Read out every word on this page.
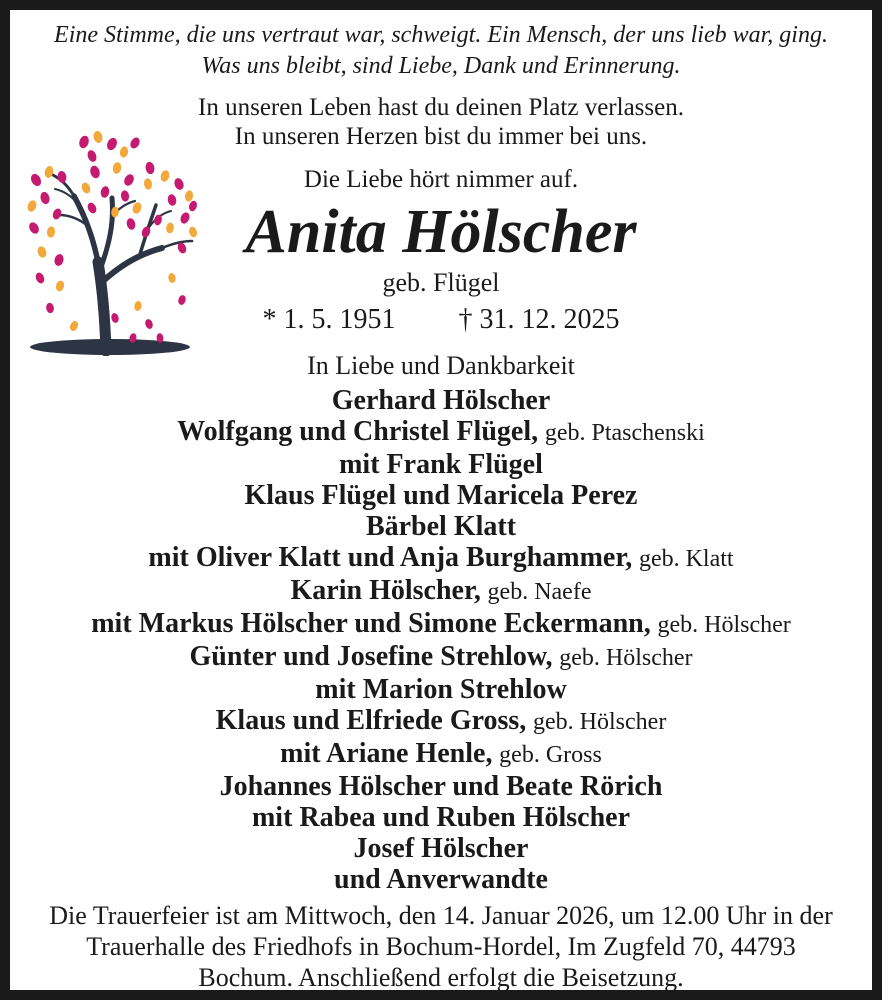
Eine Stimme, die uns vertraut war, schweigt. Ein Mensch, der uns lieb war, ging.
Was uns bleibt, sind Liebe, Dank und Erinnerung.
In unseren Leben hast du deinen Platz verlassen.
In unseren Herzen bist du immer bei uns.
Die Liebe hört nimmer auf.
Anita Hölscher
geb. Flügel
* 1. 5. 1951 † 31. 12. 2025
In Liebe und Dankbarkeit
Gerhard Hölscher
Wolfgang und Christel Flügel, geb. Ptaschenski
mit Frank Flügel
Klaus Flügel und Maricela Perez
Bärbel Klatt
mit Oliver Klatt und Anja Burghammer, geb. Klatt
Karin Hölscher, geb. Naefe
mit Markus Hölscher und Simone Eckermann, geb. Hölscher
Günter und Josefine Strehlow, geb. Hölscher
mit Marion Strehlow
Klaus und Elfriede Gross, geb. Hölscher
mit Ariane Henle, geb. Gross
Johannes Hölscher und Beate Rörich
mit Rabea und Ruben Hölscher
Josef Hölscher
und Anverwandte
Die Trauerfeier ist am Mittwoch, den 14. Januar 2026, um 12.00 Uhr in der
Trauerhalle des Friedhofs in Bochum-Hordel, Im Zugfeld 70, 44793
Bochum. Anschließend erfolgt die Beisetzung.
